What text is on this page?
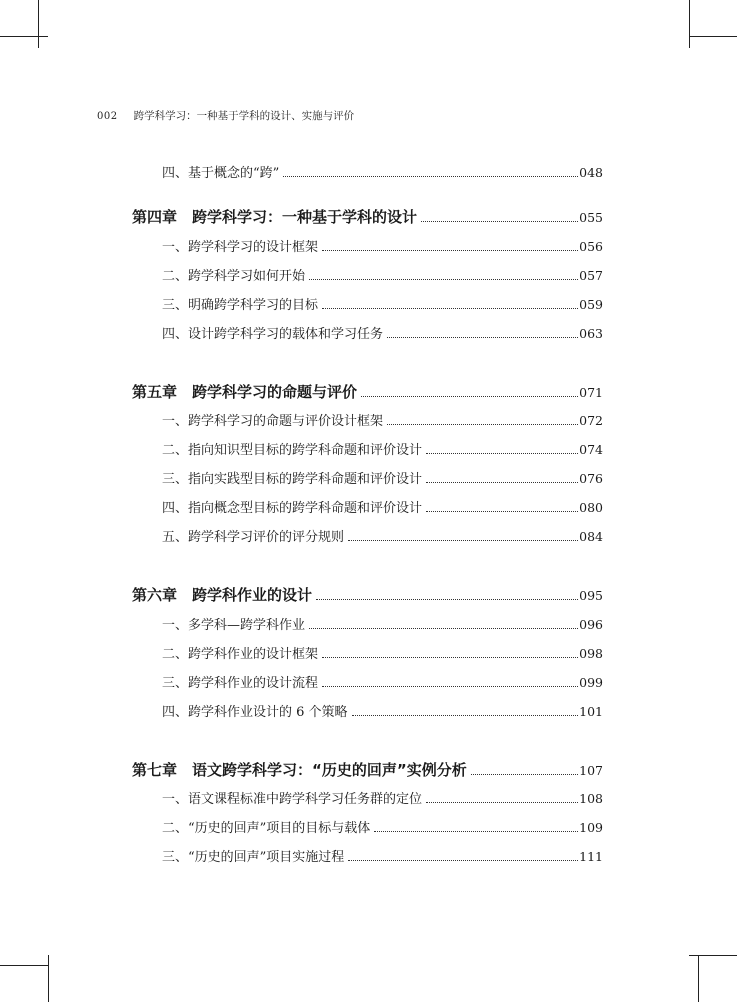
002 跨学科学习：一种基于学科的设计、实施与评价
四、基于概念的“跨”	048
第四章　跨学科学习：一种基于学科的设计	055
一、跨学科学习的设计框架	056
二、跨学科学习如何开始	057
三、明确跨学科学习的目标	059
四、设计跨学科学习的载体和学习任务	063
第五章　跨学科学习的命题与评价	071
一、跨学科学习的命题与评价设计框架	072
二、指向知识型目标的跨学科命题和评价设计	074
三、指向实践型目标的跨学科命题和评价设计	076
四、指向概念型目标的跨学科命题和评价设计	080
五、跨学科学习评价的评分规则	084
第六章　跨学科作业的设计	095
一、多学科—跨学科作业	096
二、跨学科作业的设计框架	098
三、跨学科作业的设计流程	099
四、跨学科作业设计的 6 个策略	101
第七章　语文跨学科学习：“历史的回声”实例分析	107
一、语文课程标准中跨学科学习任务群的定位	108
二、“历史的回声”项目的目标与载体	109
三、“历史的回声”项目实施过程	111
